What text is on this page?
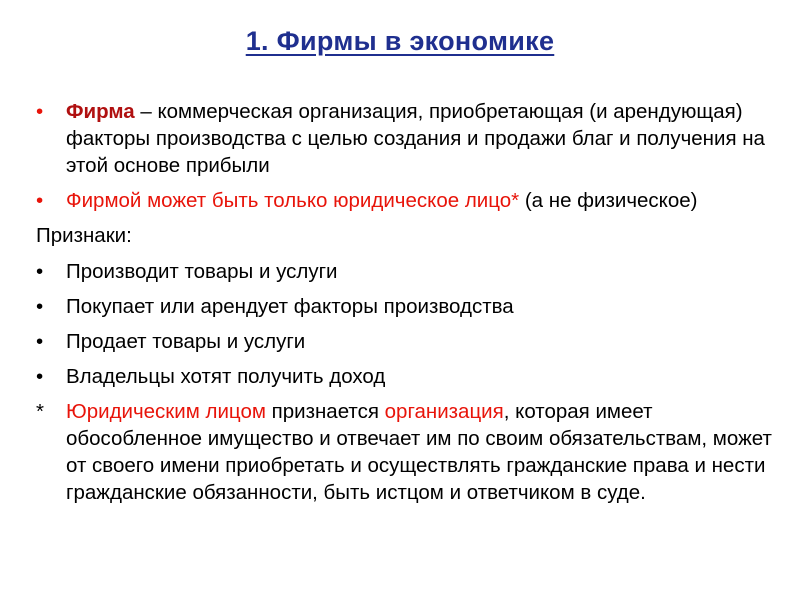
1. Фирмы в экономике
• Фирма – коммерческая организация, приобретающая (и арендующая) факторы производства с целью создания и продажи благ и получения на этой основе прибыли
• Фирмой может быть только юридическое лицо* (а не физическое)
Признаки:
• Производит товары и услуги
• Покупает или арендует факторы производства
• Продает товары и услуги
• Владельцы хотят получить доход
* Юридическим лицом признается организация, которая имеет обособленное имущество и отвечает им по своим обязательствам, может от своего имени приобретать и осуществлять гражданские права и нести гражданские обязанности, быть истцом и ответчиком в суде.
